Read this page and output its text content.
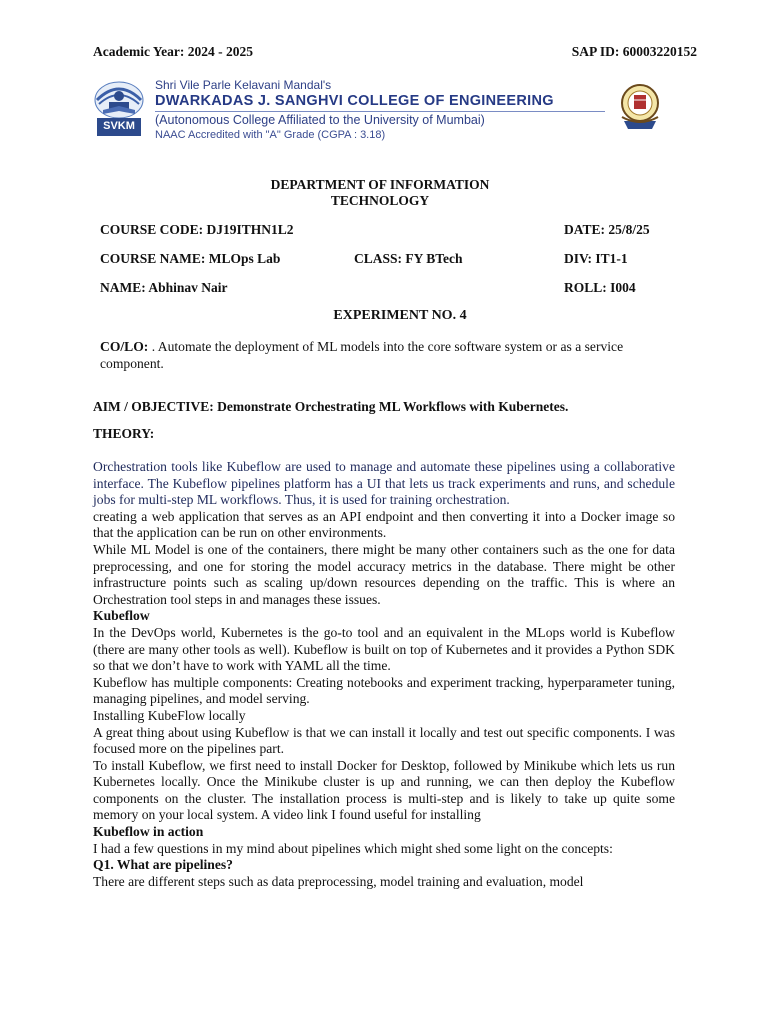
Academic Year: 2024 - 2025	SAP ID: 60003220152
SVKM
Shri Vile Parle Kelavani Mandal's
DWARKADAS J. SANGHVI COLLEGE OF ENGINEERING
(Autonomous College Affiliated to the University of Mumbai)
NAAC Accredited with "A" Grade (CGPA : 3.18)
DEPARTMENT OF INFORMATION
TECHNOLOGY
COURSE CODE: DJ19ITHN1L2	DATE: 25/8/25
COURSE NAME: MLOps Lab	CLASS: FY BTech	DIV: IT1-1
NAME: Abhinav Nair	ROLL: I004
EXPERIMENT NO. 4
CO/LO: . Automate the deployment of ML models into the core software system or as a service component.
AIM / OBJECTIVE: Demonstrate Orchestrating ML Workflows with Kubernetes.
THEORY:

Orchestration tools like Kubeflow are used to manage and automate these pipelines using a collaborative interface. The Kubeflow pipelines platform has a UI that lets us track experiments and runs, and schedule jobs for multi-step ML workflows. Thus, it is used for training orchestration.

creating a web application that serves as an API endpoint and then converting it into a Docker image so that the application can be run on other environments.

While ML Model is one of the containers, there might be many other containers such as the one for data preprocessing, and one for storing the model accuracy metrics in the database. There might be other infrastructure points such as scaling up/down resources depending on the traffic. This is where an Orchestration tool steps in and manages these issues.

Kubeflow

In the DevOps world, Kubernetes is the go-to tool and an equivalent in the MLops world is Kubeflow (there are many other tools as well). Kubeflow is built on top of Kubernetes and it provides a Python SDK so that we don’t have to work with YAML all the time.

Kubeflow has multiple components: Creating notebooks and experiment tracking, hyperparameter tuning, managing pipelines, and model serving.

Installing KubeFlow locally

A great thing about using Kubeflow is that we can install it locally and test out specific components. I was focused more on the pipelines part.

To install Kubeflow, we first need to install Docker for Desktop, followed by Minikube which lets us run Kubernetes locally. Once the Minikube cluster is up and running, we can then deploy the Kubeflow components on the cluster. The installation process is multi-step and is likely to take up quite some memory on your local system. A video link I found useful for installing

Kubeflow in action

I had a few questions in my mind about pipelines which might shed some light on the concepts:

Q1. What are pipelines?

There are different steps such as data preprocessing, model training and evaluation, model
